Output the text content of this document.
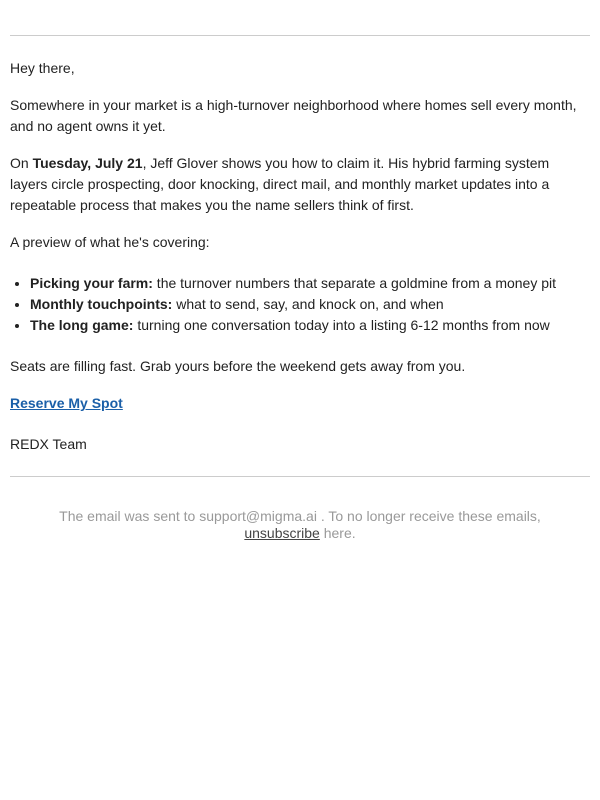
Hey there,

Somewhere in your market is a high-turnover neighborhood where homes sell every month, and no agent owns it yet.

On Tuesday, July 21, Jeff Glover shows you how to claim it. His hybrid farming system layers circle prospecting, door knocking, direct mail, and monthly market updates into a repeatable process that makes you the name sellers think of first.

A preview of what he's covering:

• Picking your farm: the turnover numbers that separate a goldmine from a money pit
• Monthly touchpoints: what to send, say, and knock on, and when
• The long game: turning one conversation today into a listing 6-12 months from now

Seats are filling fast. Grab yours before the weekend gets away from you.

Reserve My Spot

REDX Team

The email was sent to support@migma.ai . To no longer receive these emails,
unsubscribe here.
